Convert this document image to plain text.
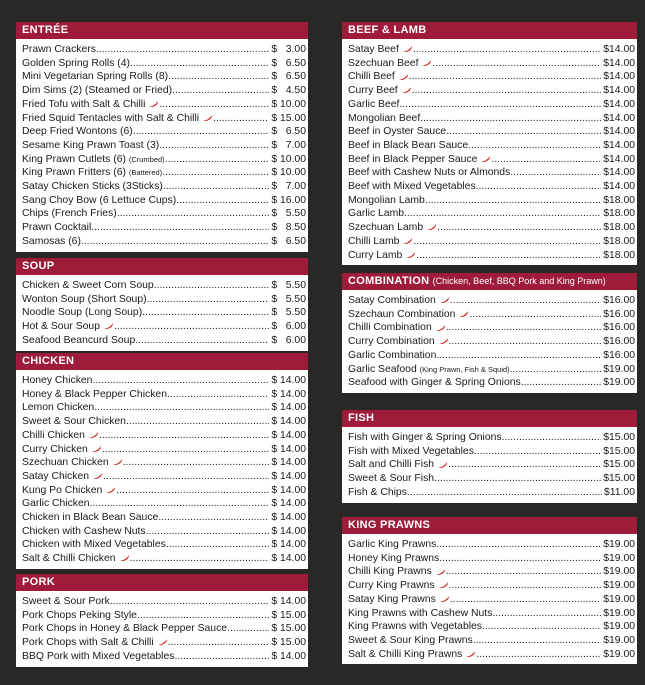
ENTRÉE
Prawn Crackers .....	$   3.00
Golden Spring Rolls (4) .....	$   6.50
Mini Vegetarian Spring Rolls (8) .....	$   6.50
Dim Sims (2) (Steamed or Fried) .....	$   4.50
Fried Tofu with Salt & Chilli .....	$ 10.00
Fried Squid Tentacles with Salt & Chilli .....	$ 15.00
Deep Fried Wontons (6) .....	$   6.50
Sesame King Prawn Toast (3) .....	$   7.00
King Prawn Cutlets (6) (Crumbed) .....	$ 10.00
King Prawn Fritters (6) (Battered) .....	$ 10.00
Satay Chicken Sticks (3Sticks) .....	$   7.00
Sang Choy Bow (6 Lettuce Cups) .....	$ 16.00
Chips (French Fries) .....	$   5.50
Prawn Cocktail .....	$   8.50
Samosas (6) .....	$   6.50
SOUP
Chicken & Sweet Corn Soup .....	$   5.50
Wonton Soup (Short Soup) .....	$   5.50
Noodle Soup (Long Soup) .....	$   5.50
Hot & Sour Soup .....	$   6.00
Seafood Beancurd Soup .....	$   6.00
CHICKEN
Honey Chicken .....	$ 14.00
Honey & Black Pepper Chicken .....	$ 14.00
Lemon Chicken .....	$ 14.00
Sweet & Sour Chicken .....	$ 14.00
Chilli Chicken .....	$ 14.00
Curry Chicken .....	$ 14.00
Szechuan Chicken .....	$ 14.00
Satay Chicken .....	$ 14.00
Kung Po Chicken .....	$ 14.00
Garlic Chicken .....	$ 14.00
Chicken in Black Bean Sauce .....	$ 14.00
Chicken with Cashew Nuts .....	$ 14.00
Chicken with Mixed Vegetables .....	$ 14.00
Salt & Chilli Chicken .....	$ 14.00
PORK
Sweet & Sour Pork .....	$ 14.00
Pork Chops Peking Style .....	$ 15.00
Pork Chops in Honey & Black Pepper Sauce .....	$ 15.00
Pork Chops with Salt & Chilli .....	$ 15.00
BBQ Pork with Mixed Vegetables .....	$ 14.00
BEEF & LAMB
Satay Beef .....	$14.00
Szechuan Beef .....	$14.00
Chilli Beef .....	$14.00
Curry Beef .....	$14.00
Garlic Beef .....	$14.00
Mongolian Beef .....	$14.00
Beef in Oyster Sauce .....	$14.00
Beef in Black Bean Sauce .....	$14.00
Beef in Black Pepper Sauce .....	$14.00
Beef with Cashew Nuts or Almonds .....	$14.00
Beef with Mixed Vegetables .....	$14.00
Mongolian Lamb .....	$18.00
Garlic Lamb .....	$18.00
Szechuan Lamb .....	$18.00
Chilli Lamb .....	$18.00
Curry Lamb .....	$18.00
COMBINATION (Chicken, Beef, BBQ Pork and King Prawn)
Satay Combination .....	$16.00
Szechaun Combination .....	$16.00
Chilli Combination .....	$16.00
Curry Combination .....	$16.00
Garlic Combination .....	$16.00
Garlic Seafood (King Prawn, Fish & Squid) .....	$19.00
Seafood with Ginger & Spring Onions .....	$19.00
FISH
Fish with Ginger & Spring Onions .....	$15.00
Fish with Mixed Vegetables .....	$15.00
Salt and Chilli Fish .....	$15.00
Sweet & Sour Fish .....	$15.00
Fish & Chips .....	$11.00
KING PRAWNS
Garlic King Prawns .....	$19.00
Honey King Prawns .....	$19.00
Chilli King Prawns .....	$19.00
Curry King Prawns .....	$19.00
Satay King Prawns .....	$19.00
King Prawns with Cashew Nuts .....	$19.00
King Prawns with Vegetables .....	$19.00
Sweet & Sour King Prawns .....	$19.00
Salt & Chilli King Prawns .....	$19.00
